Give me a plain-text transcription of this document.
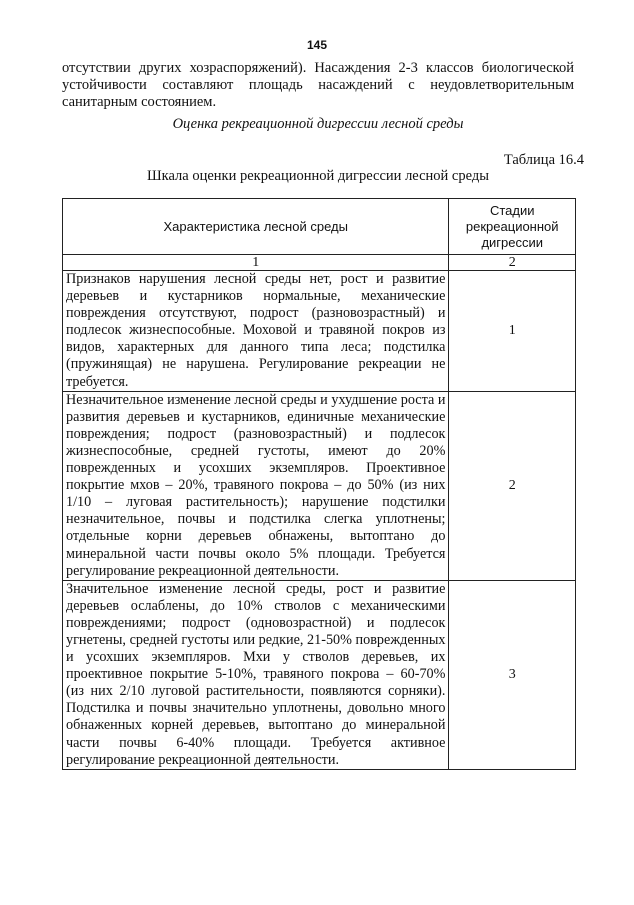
145

отсутствии других хозраспоряжений). Насаждения 2-3 классов биологической устойчивости составляют площадь насаждений с неудовлетворительным санитарным состоянием.

Оценка рекреационной дигрессии лесной среды
Таблица 16.4
Шкала оценки рекреационной дигрессии лесной среды
Характеристика лесной среды	Стадии рекреационной дигрессии
1	2
Признаков нарушения лесной среды нет, рост и развитие деревьев и кустарников нормальные, механические повреждения отсутствуют, подрост (разновозрастный) и подлесок жизнеспособные. Моховой и травяной покров из видов, характерных для данного типа леса; подстилка (пружинящая) не нарушена. Регулирование рекреации не требуется.	1
Незначительное изменение лесной среды и ухудшение роста и развития деревьев и кустарников, единичные механические повреждения; подрост (разновозрастный) и подлесок жизнеспособные, средней густоты, имеют до 20% поврежденных и усохших экземпляров. Проективное покрытие мхов – 20%, травяного покрова – до 50% (из них 1/10 – луговая растительность); нарушение подстилки незначительное, почвы и подстилка слегка уплотнены; отдельные корни деревьев обнажены, вытоптано до минеральной части почвы около 5% площади. Требуется регулирование рекреационной деятельности.	2
Значительное изменение лесной среды, рост и развитие деревьев ослаблены, до 10% стволов с механическими повреждениями; подрост (одновозрастной) и подлесок угнетены, средней густоты или редкие, 21-50% поврежденных и усохших экземпляров. Мхи у стволов деревьев, их проективное покрытие 5-10%, травяного покрова – 60-70% (из них 2/10 луговой растительности, появляются сорняки). Подстилка и почвы значительно уплотнены, довольно много обнаженных корней деревьев, вытоптано до минеральной части почвы 6-40% площади. Требуется активное регулирование рекреационной деятельности.	3
